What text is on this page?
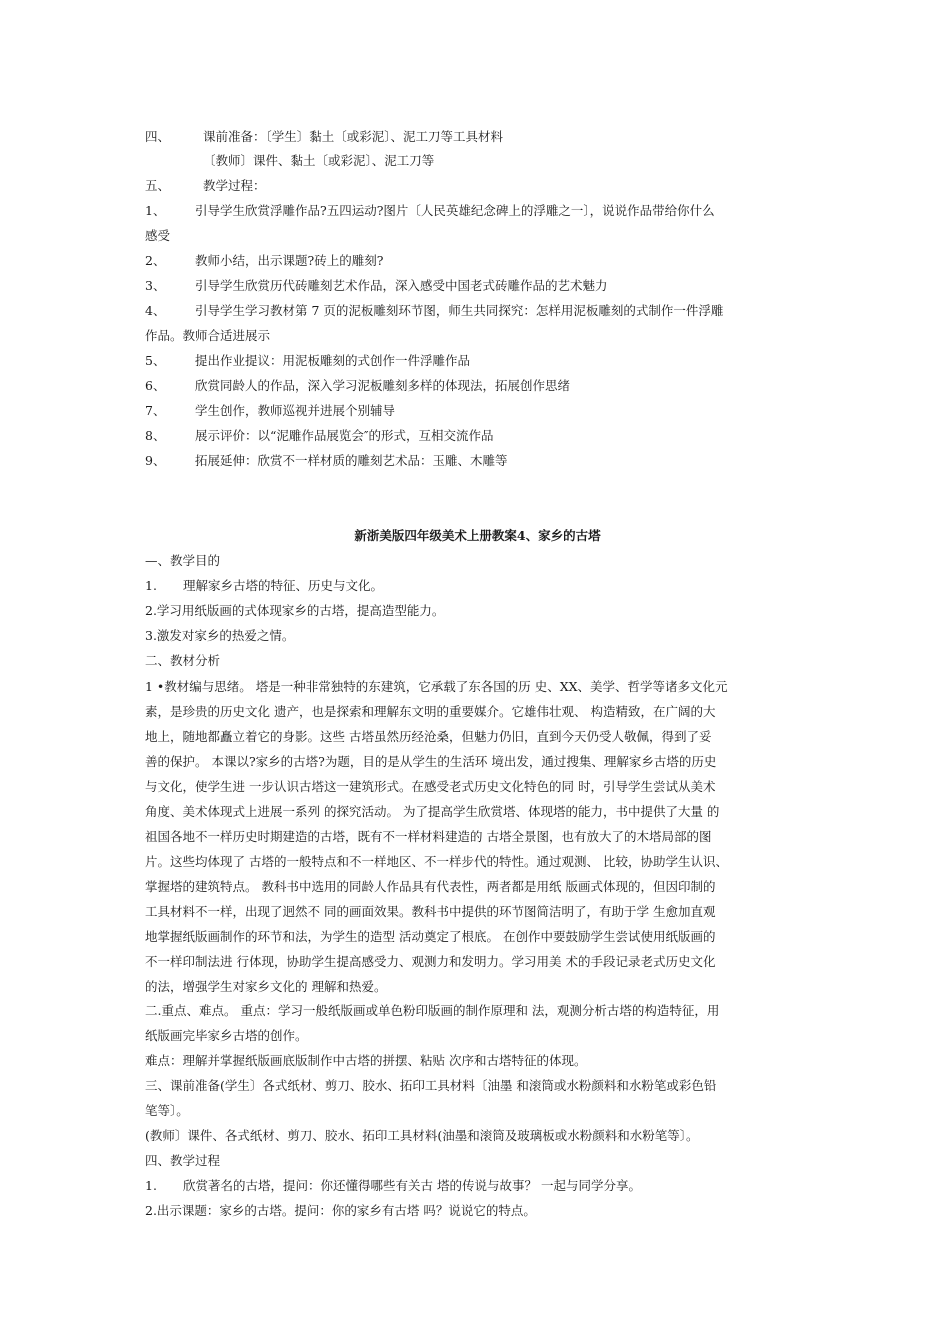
四、	课前准备：〔学生〕黏土〔或彩泥〕、泥工刀等工具材料
〔教师〕课件、黏土〔或彩泥〕、泥工刀等
五、	教学过程：
1、 引导学生欣赏浮雕作品?五四运动?图片〔人民英雄纪念碑上的浮雕之一〕，说说作品带给你什么
感受
2、 教师小结，出示课题?砖上的雕刻?
3、 引导学生欣赏历代砖雕刻艺术作品，深入感受中国老式砖雕作品的艺术魅力
4、 引导学生学习教材第 7 页的泥板雕刻环节图，师生共同探究：怎样用泥板雕刻的式制作一件浮雕
作品。教师合适进展示
5、 提出作业提议：用泥板雕刻的式创作一件浮雕作品
6、 欣赏同龄人的作品，深入学习泥板雕刻多样的体现法，拓展创作思绪
7、 学生创作，教师巡视并进展个别辅导
8、 展示评价：以“泥雕作品展览会″的形式，互相交流作品
9、 拓展延伸：欣赏不一样材质的雕刻艺术品：玉雕、木雕等
新浙美版四年级美术上册教案4、家乡的古塔
—、教学目的
1. 理解家乡古塔的特征、历史与文化。
2.学习用纸版画的式体现家乡的古塔，提高造型能力。
3.激发对家乡的热爱之情。
二、教材分析
1 •教材编与思绪。 塔是一种非常独特的东建筑，它承载了东各国的历 史、XX、美学、哲学等诸多文化元
素，是珍贵的历史文化 遗产，也是探索和理解东文明的重要媒介。它雄伟壮观、 构造精致，在广阔的大
地上，随地都矗立着它的身影。这些 古塔虽然历经沧桑，但魅力仍旧，直到今天仍受人敬佩，得到了妥
善的保护。 本课以?家乡的古塔?为题，目的是从学生的生活环 境出发，通过搜集、理解家乡古塔的历史
与文化，使学生进 一步认识古塔这一建筑形式。在感受老式历史文化特色的同 时，引导学生尝试从美术
角度、美术体现式上进展一系列 的探究活动。 为了提高学生欣赏塔、体现塔的能力，书中提供了大量 的
祖国各地不一样历史时期建造的古塔，既有不一样材料建造的 古塔全景图，也有放大了的木塔局部的图
片。这些均体现了 古塔的一般特点和不一样地区、不一样步代的特性。通过观测、 比较，协助学生认识、
掌握塔的建筑特点。 教科书中选用的同龄人作品具有代表性，两者都是用纸 版画式体现的，但因印制的
工具材料不一样，出现了迥然不 同的画面效果。教科书中提供的环节图简洁明了，有助于学 生愈加直观
地掌握纸版画制作的环节和法，为学生的造型 活动奠定了根底。 在创作中要鼓励学生尝试使用纸版画的
不一样印制法进 行体现，协助学生提高感受力、观测力和发明力。学习用美 术的手段记录老式历史文化
的法，增强学生对家乡文化的 理解和热爱。
二.重点、难点。 重点：学习一般纸版画或单色粉印版画的制作原理和 法，观测分析古塔的构造特征，用
纸版画完毕家乡古塔的创作。
难点：理解并掌握纸版画底版制作中古塔的拼摆、粘贴 次序和古塔特征的体现。
三、课前准备(学生〕各式纸材、剪刀、胶水、拓印工具材料〔油墨 和滚筒或水粉颜料和水粉笔或彩色铅
笔等〕。
(教师〕课件、各式纸材、剪刀、胶水、拓印工具材料(油墨和滚筒及玻璃板或水粉颜料和水粉笔等〕。
四、教学过程
1. 欣赏著名的古塔，提问：你还懂得哪些有关古 塔的传说与故事？ 一起与同学分享。
2.出示课题：家乡的古塔。提问：你的家乡有古塔 吗？说说它的特点。
